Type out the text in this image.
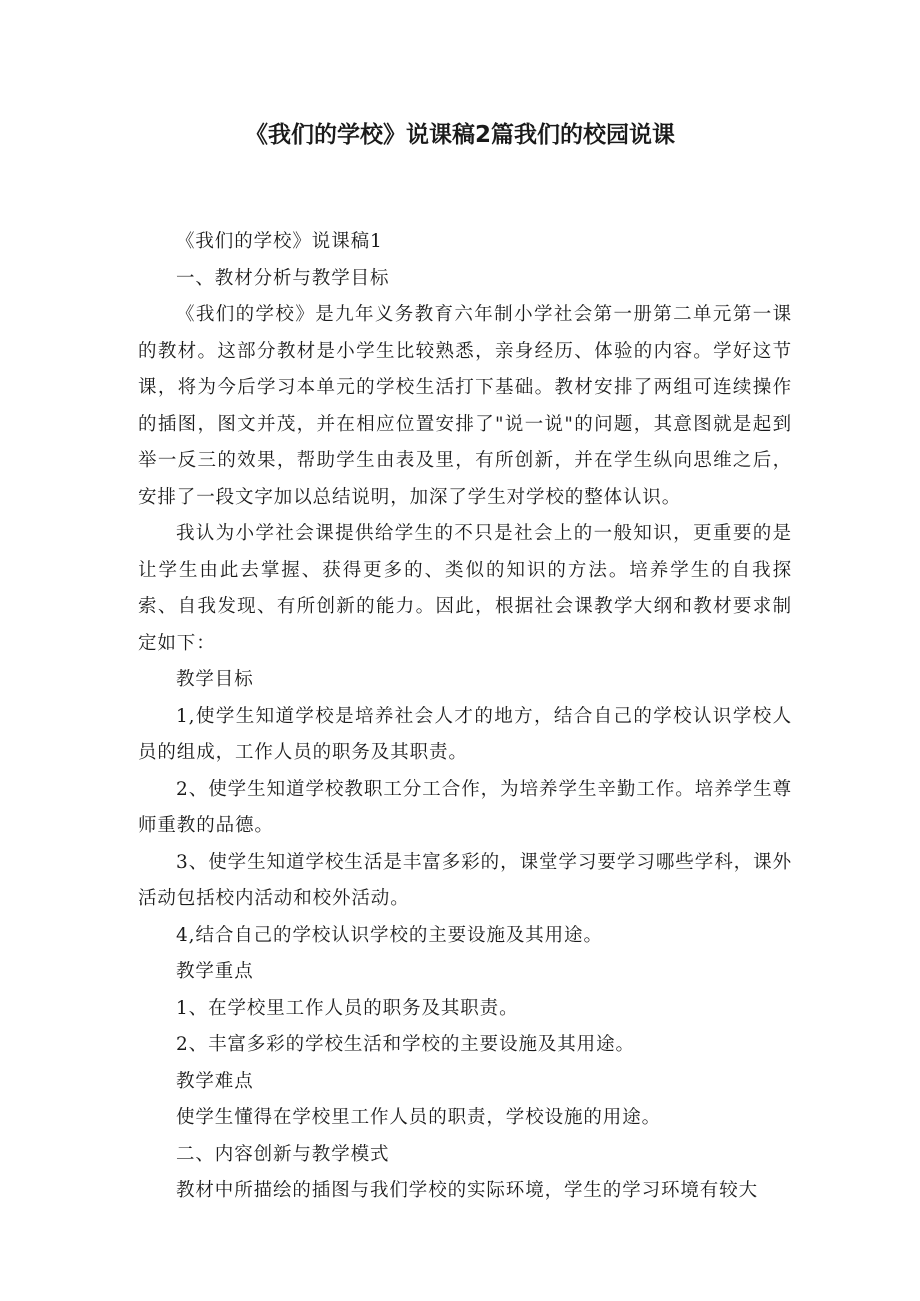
《我们的学校》说课稿2篇我们的校园说课

《我们的学校》说课稿1

一、教材分析与教学目标

《我们的学校》是九年义务教育六年制小学社会第一册第二单元第一课的教材。这部分教材是小学生比较熟悉，亲身经历、体验的内容。学好这节课，将为今后学习本单元的学校生活打下基础。教材安排了两组可连续操作的插图，图文并茂，并在相应位置安排了"说一说"的问题，其意图就是起到举一反三的效果，帮助学生由表及里，有所创新，并在学生纵向思维之后，安排了一段文字加以总结说明，加深了学生对学校的整体认识。

我认为小学社会课提供给学生的不只是社会上的一般知识，更重要的是让学生由此去掌握、获得更多的、类似的知识的方法。培养学生的自我探索、自我发现、有所创新的能力。因此，根据社会课教学大纲和教材要求制定如下：

教学目标

1,使学生知道学校是培养社会人才的地方，结合自己的学校认识学校人员的组成，工作人员的职务及其职责。

2、使学生知道学校教职工分工合作，为培养学生辛勤工作。培养学生尊师重教的品德。

3、使学生知道学校生活是丰富多彩的，课堂学习要学习哪些学科，课外活动包括校内活动和校外活动。

4,结合自己的学校认识学校的主要设施及其用途。

教学重点

1、在学校里工作人员的职务及其职责。

2、丰富多彩的学校生活和学校的主要设施及其用途。

教学难点

使学生懂得在学校里工作人员的职责，学校设施的用途。

二、内容创新与教学模式

教材中所描绘的插图与我们学校的实际环境，学生的学习环境有较大
